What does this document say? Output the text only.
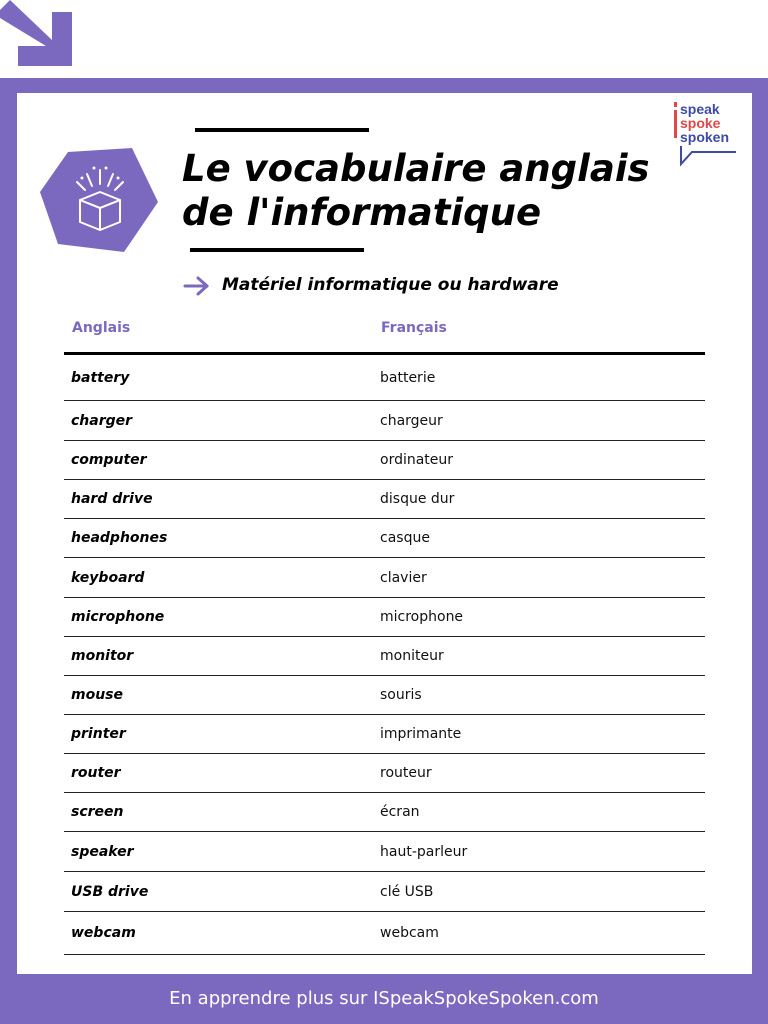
speak
spoke
spoken
Le vocabulaire anglais de l'informatique
Matériel informatique ou hardware
Anglais	Français
battery	batterie
charger	chargeur
computer	ordinateur
hard drive	disque dur
headphones	casque
keyboard	clavier
microphone	microphone
monitor	moniteur
mouse	souris
printer	imprimante
router	routeur
screen	écran
speaker	haut-parleur
USB drive	clé USB
webcam	webcam
En apprendre plus sur ISpeakSpokeSpoken.com
